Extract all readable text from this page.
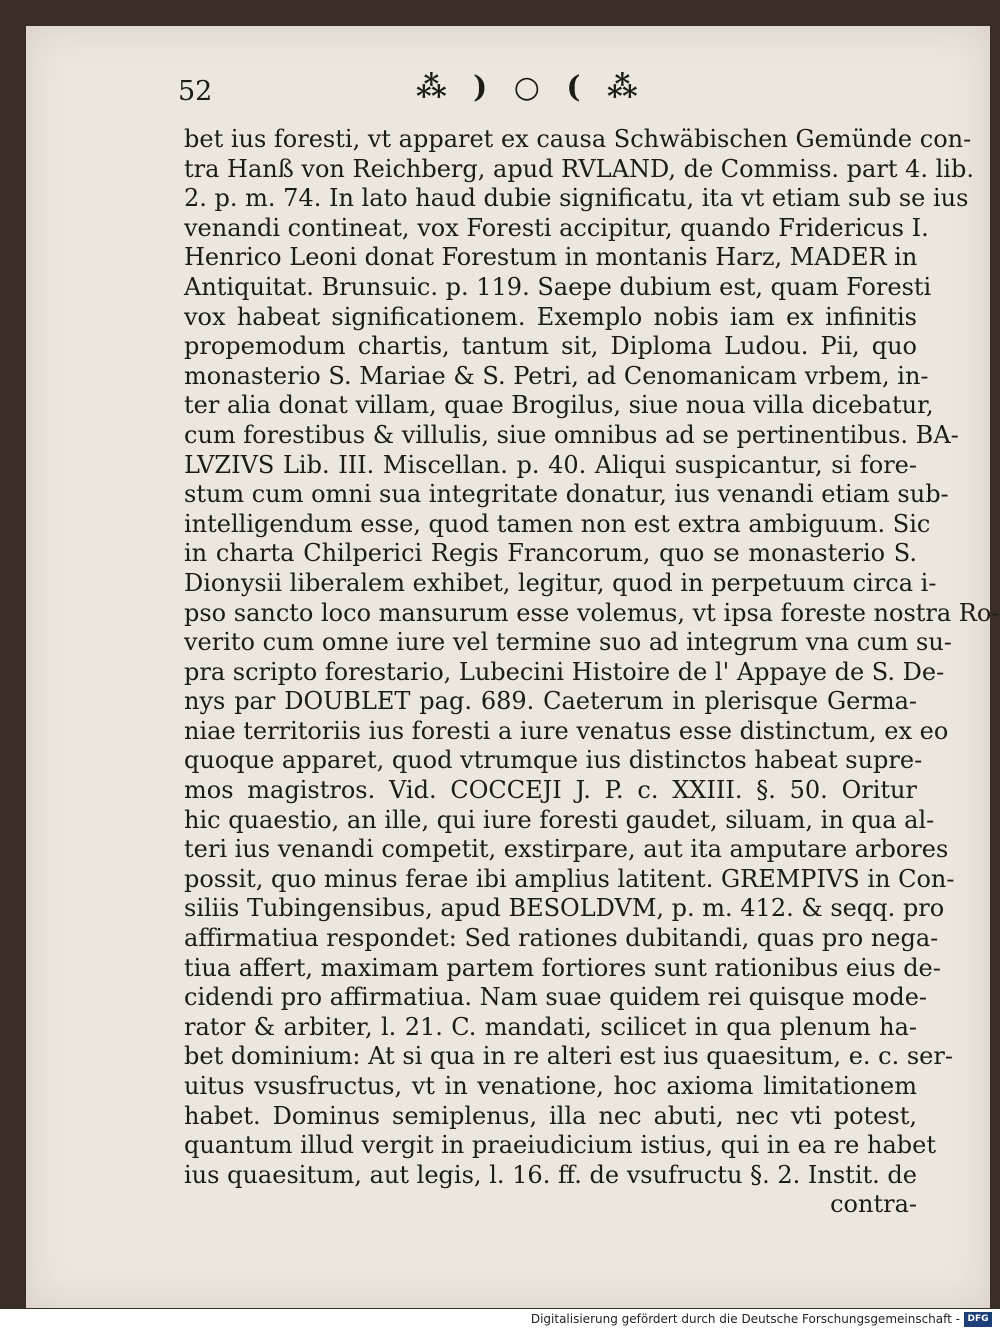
52	⁂ ) ○ ( ⁂
bet ius foresti, vt apparet ex causa Schwäbischen Gemünde con-
tra Hanß von Reichberg, apud RVLAND, de Commiss. part 4. lib.
2. p. m. 74. In lato haud dubie significatu, ita vt etiam sub se ius
venandi contineat, vox Foresti accipitur, quando Fridericus I.
Henrico Leoni donat Forestum in montanis Harz, MADER in
Antiquitat. Brunsuic. p. 119. Saepe dubium est, quam Foresti
vox habeat significationem. Exemplo nobis iam ex infinitis
propemodum chartis, tantum sit, Diploma Ludou. Pii, quo
monasterio S. Mariae & S. Petri, ad Cenomanicam vrbem, in-
ter alia donat villam, quae Brogilus, siue noua villa dicebatur,
cum forestibus & villulis, siue omnibus ad se pertinentibus. BA-
LVZIVS Lib. III. Miscellan. p. 40. Aliqui suspicantur, si fore-
stum cum omni sua integritate donatur, ius venandi etiam sub-
intelligendum esse, quod tamen non est extra ambiguum. Sic
in charta Chilperici Regis Francorum, quo se monasterio S.
Dionysii liberalem exhibet, legitur, quod in perpetuum circa i-
pso sancto loco mansurum esse volemus, vt ipsa foreste nostra Ro-
verito cum omne iure vel termine suo ad integrum vna cum su-
pra scripto forestario, Lubecini Histoire de l' Appaye de S. De-
nys par DOUBLET pag. 689. Caeterum in plerisque Germa-
niae territoriis ius foresti a iure venatus esse distinctum, ex eo
quoque apparet, quod vtrumque ius distinctos habeat supre-
mos magistros. Vid. COCCEJI J. P. c. XXIII. §. 50. Oritur
hic quaestio, an ille, qui iure foresti gaudet, siluam, in qua al-
teri ius venandi competit, exstirpare, aut ita amputare arbores
possit, quo minus ferae ibi amplius latitent. GREMPIVS in Con-
siliis Tubingensibus, apud BESOLDVM, p. m. 412. & seqq. pro
affirmatiua respondet: Sed rationes dubitandi, quas pro nega-
tiua affert, maximam partem fortiores sunt rationibus eius de-
cidendi pro affirmatiua. Nam suae quidem rei quisque mode-
rator & arbiter, l. 21. C. mandati, scilicet in qua plenum ha-
bet dominium: At si qua in re alteri est ius quaesitum, e. c. ser-
uitus vsusfructus, vt in venatione, hoc axioma limitationem
habet. Dominus semiplenus, illa nec abuti, nec vti potest,
quantum illud vergit in praeiudicium istius, qui in ea re habet
ius quaesitum, aut legis, l. 16. ff. de vsufructu §. 2. Instit. de
contra-
Digitalisierung gefördert durch die Deutsche Forschungsgemeinschaft - DFG
